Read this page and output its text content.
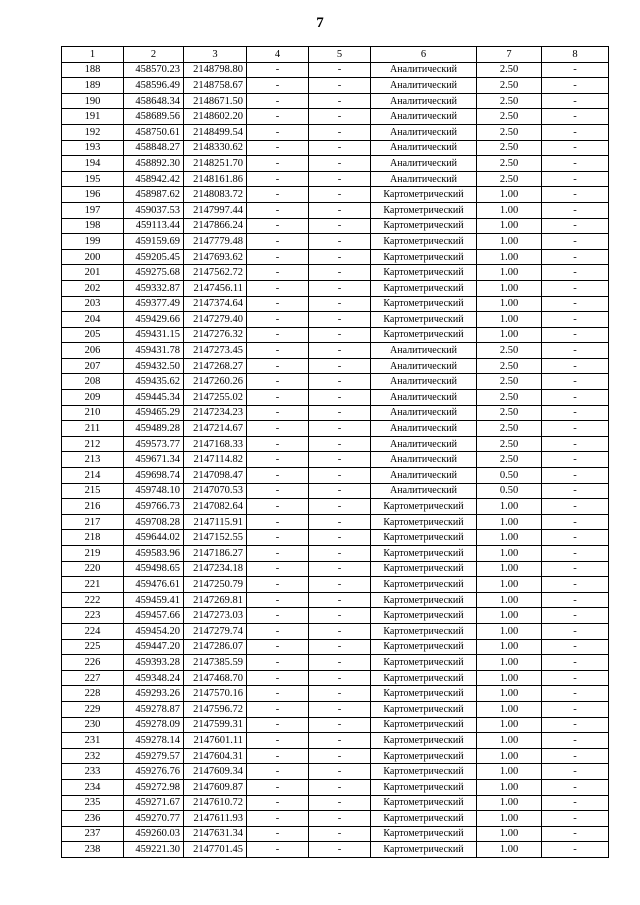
7
1	2	3	4	5	6	7	8
188	458570.23	2148798.80	-	-	Аналитический	2.50	-
189	458596.49	2148758.67	-	-	Аналитический	2.50	-
190	458648.34	2148671.50	-	-	Аналитический	2.50	-
191	458689.56	2148602.20	-	-	Аналитический	2.50	-
192	458750.61	2148499.54	-	-	Аналитический	2.50	-
193	458848.27	2148330.62	-	-	Аналитический	2.50	-
194	458892.30	2148251.70	-	-	Аналитический	2.50	-
195	458942.42	2148161.86	-	-	Аналитический	2.50	-
196	458987.62	2148083.72	-	-	Картометрический	1.00	-
197	459037.53	2147997.44	-	-	Картометрический	1.00	-
198	459113.44	2147866.24	-	-	Картометрический	1.00	-
199	459159.69	2147779.48	-	-	Картометрический	1.00	-
200	459205.45	2147693.62	-	-	Картометрический	1.00	-
201	459275.68	2147562.72	-	-	Картометрический	1.00	-
202	459332.87	2147456.11	-	-	Картометрический	1.00	-
203	459377.49	2147374.64	-	-	Картометрический	1.00	-
204	459429.66	2147279.40	-	-	Картометрический	1.00	-
205	459431.15	2147276.32	-	-	Картометрический	1.00	-
206	459431.78	2147273.45	-	-	Аналитический	2.50	-
207	459432.50	2147268.27	-	-	Аналитический	2.50	-
208	459435.62	2147260.26	-	-	Аналитический	2.50	-
209	459445.34	2147255.02	-	-	Аналитический	2.50	-
210	459465.29	2147234.23	-	-	Аналитический	2.50	-
211	459489.28	2147214.67	-	-	Аналитический	2.50	-
212	459573.77	2147168.33	-	-	Аналитический	2.50	-
213	459671.34	2147114.82	-	-	Аналитический	2.50	-
214	459698.74	2147098.47	-	-	Аналитический	0.50	-
215	459748.10	2147070.53	-	-	Аналитический	0.50	-
216	459766.73	2147082.64	-	-	Картометрический	1.00	-
217	459708.28	2147115.91	-	-	Картометрический	1.00	-
218	459644.02	2147152.55	-	-	Картометрический	1.00	-
219	459583.96	2147186.27	-	-	Картометрический	1.00	-
220	459498.65	2147234.18	-	-	Картометрический	1.00	-
221	459476.61	2147250.79	-	-	Картометрический	1.00	-
222	459459.41	2147269.81	-	-	Картометрический	1.00	-
223	459457.66	2147273.03	-	-	Картометрический	1.00	-
224	459454.20	2147279.74	-	-	Картометрический	1.00	-
225	459447.20	2147286.07	-	-	Картометрический	1.00	-
226	459393.28	2147385.59	-	-	Картометрический	1.00	-
227	459348.24	2147468.70	-	-	Картометрический	1.00	-
228	459293.26	2147570.16	-	-	Картометрический	1.00	-
229	459278.87	2147596.72	-	-	Картометрический	1.00	-
230	459278.09	2147599.31	-	-	Картометрический	1.00	-
231	459278.14	2147601.11	-	-	Картометрический	1.00	-
232	459279.57	2147604.31	-	-	Картометрический	1.00	-
233	459276.76	2147609.34	-	-	Картометрический	1.00	-
234	459272.98	2147609.87	-	-	Картометрический	1.00	-
235	459271.67	2147610.72	-	-	Картометрический	1.00	-
236	459270.77	2147611.93	-	-	Картометрический	1.00	-
237	459260.03	2147631.34	-	-	Картометрический	1.00	-
238	459221.30	2147701.45	-	-	Картометрический	1.00	-
